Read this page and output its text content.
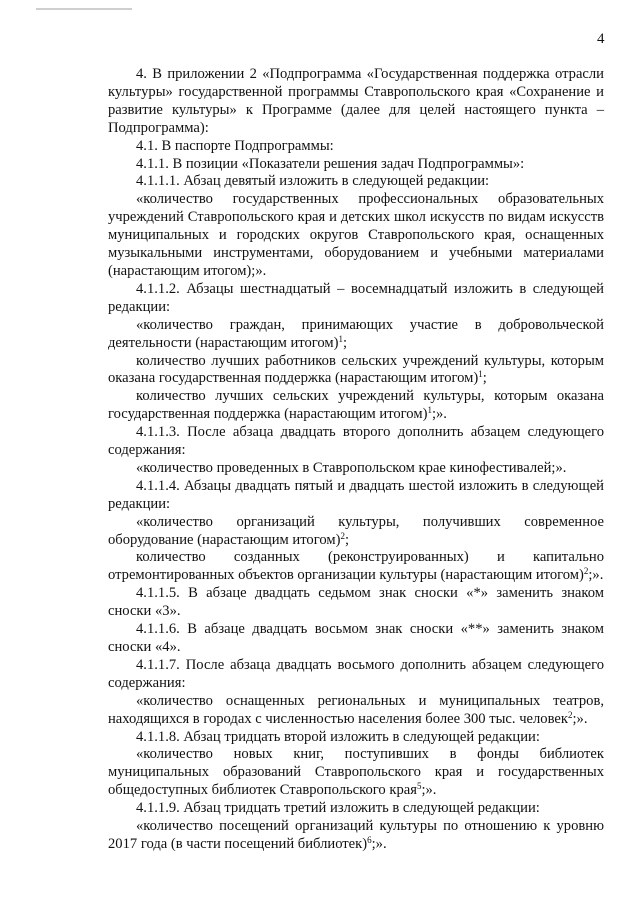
4

4. В приложении 2 «Подпрограмма «Государственная поддержка отрасли культуры» государственной программы Ставропольского края «Сохранение и развитие культуры» к Программе (далее для целей настоящего пункта – Подпрограмма):

4.1. В паспорте Подпрограммы:

4.1.1. В позиции «Показатели решения задач Подпрограммы»:

4.1.1.1. Абзац девятый изложить в следующей редакции:

«количество государственных профессиональных образовательных учреждений Ставропольского края и детских школ искусств по видам искусств муниципальных и городских округов Ставропольского края, оснащенных музыкальными инструментами, оборудованием и учебными материалами (нарастающим итогом);».

4.1.1.2. Абзацы шестнадцатый – восемнадцатый изложить в следующей редакции:

«количество граждан, принимающих участие в добровольческой деятельности (нарастающим итогом)$^1$;

количество лучших работников сельских учреждений культуры, которым оказана государственная поддержка (нарастающим итогом)$^1$;

количество лучших сельских учреждений культуры, которым оказана государственная поддержка (нарастающим итогом)$^1$;».

4.1.1.3. После абзаца двадцать второго дополнить абзацем следующего содержания:

«количество проведенных в Ставропольском крае кинофестивалей;».

4.1.1.4. Абзацы двадцать пятый и двадцать шестой изложить в следующей редакции:

«количество организаций культуры, получивших современное оборудование (нарастающим итогом)$^2$;

количество созданных (реконструированных) и капитально отремонтированных объектов организации культуры (нарастающим итогом)$^2$;».

4.1.1.5. В абзаце двадцать седьмом знак сноски «*» заменить знаком сноски «3».

4.1.1.6. В абзаце двадцать восьмом знак сноски «**» заменить знаком сноски «4».

4.1.1.7. После абзаца двадцать восьмого дополнить абзацем следующего содержания:

«количество оснащенных региональных и муниципальных театров, находящихся в городах с численностью населения более 300 тыс. человек$^2$;».

4.1.1.8. Абзац тридцать второй изложить в следующей редакции:

«количество новых книг, поступивших в фонды библиотек муниципальных образований Ставропольского края и государственных общедоступных библиотек Ставропольского края$^5$;».

4.1.1.9. Абзац тридцать третий изложить в следующей редакции:

«количество посещений организаций культуры по отношению к уровню 2017 года (в части посещений библиотек)$^6$;».
